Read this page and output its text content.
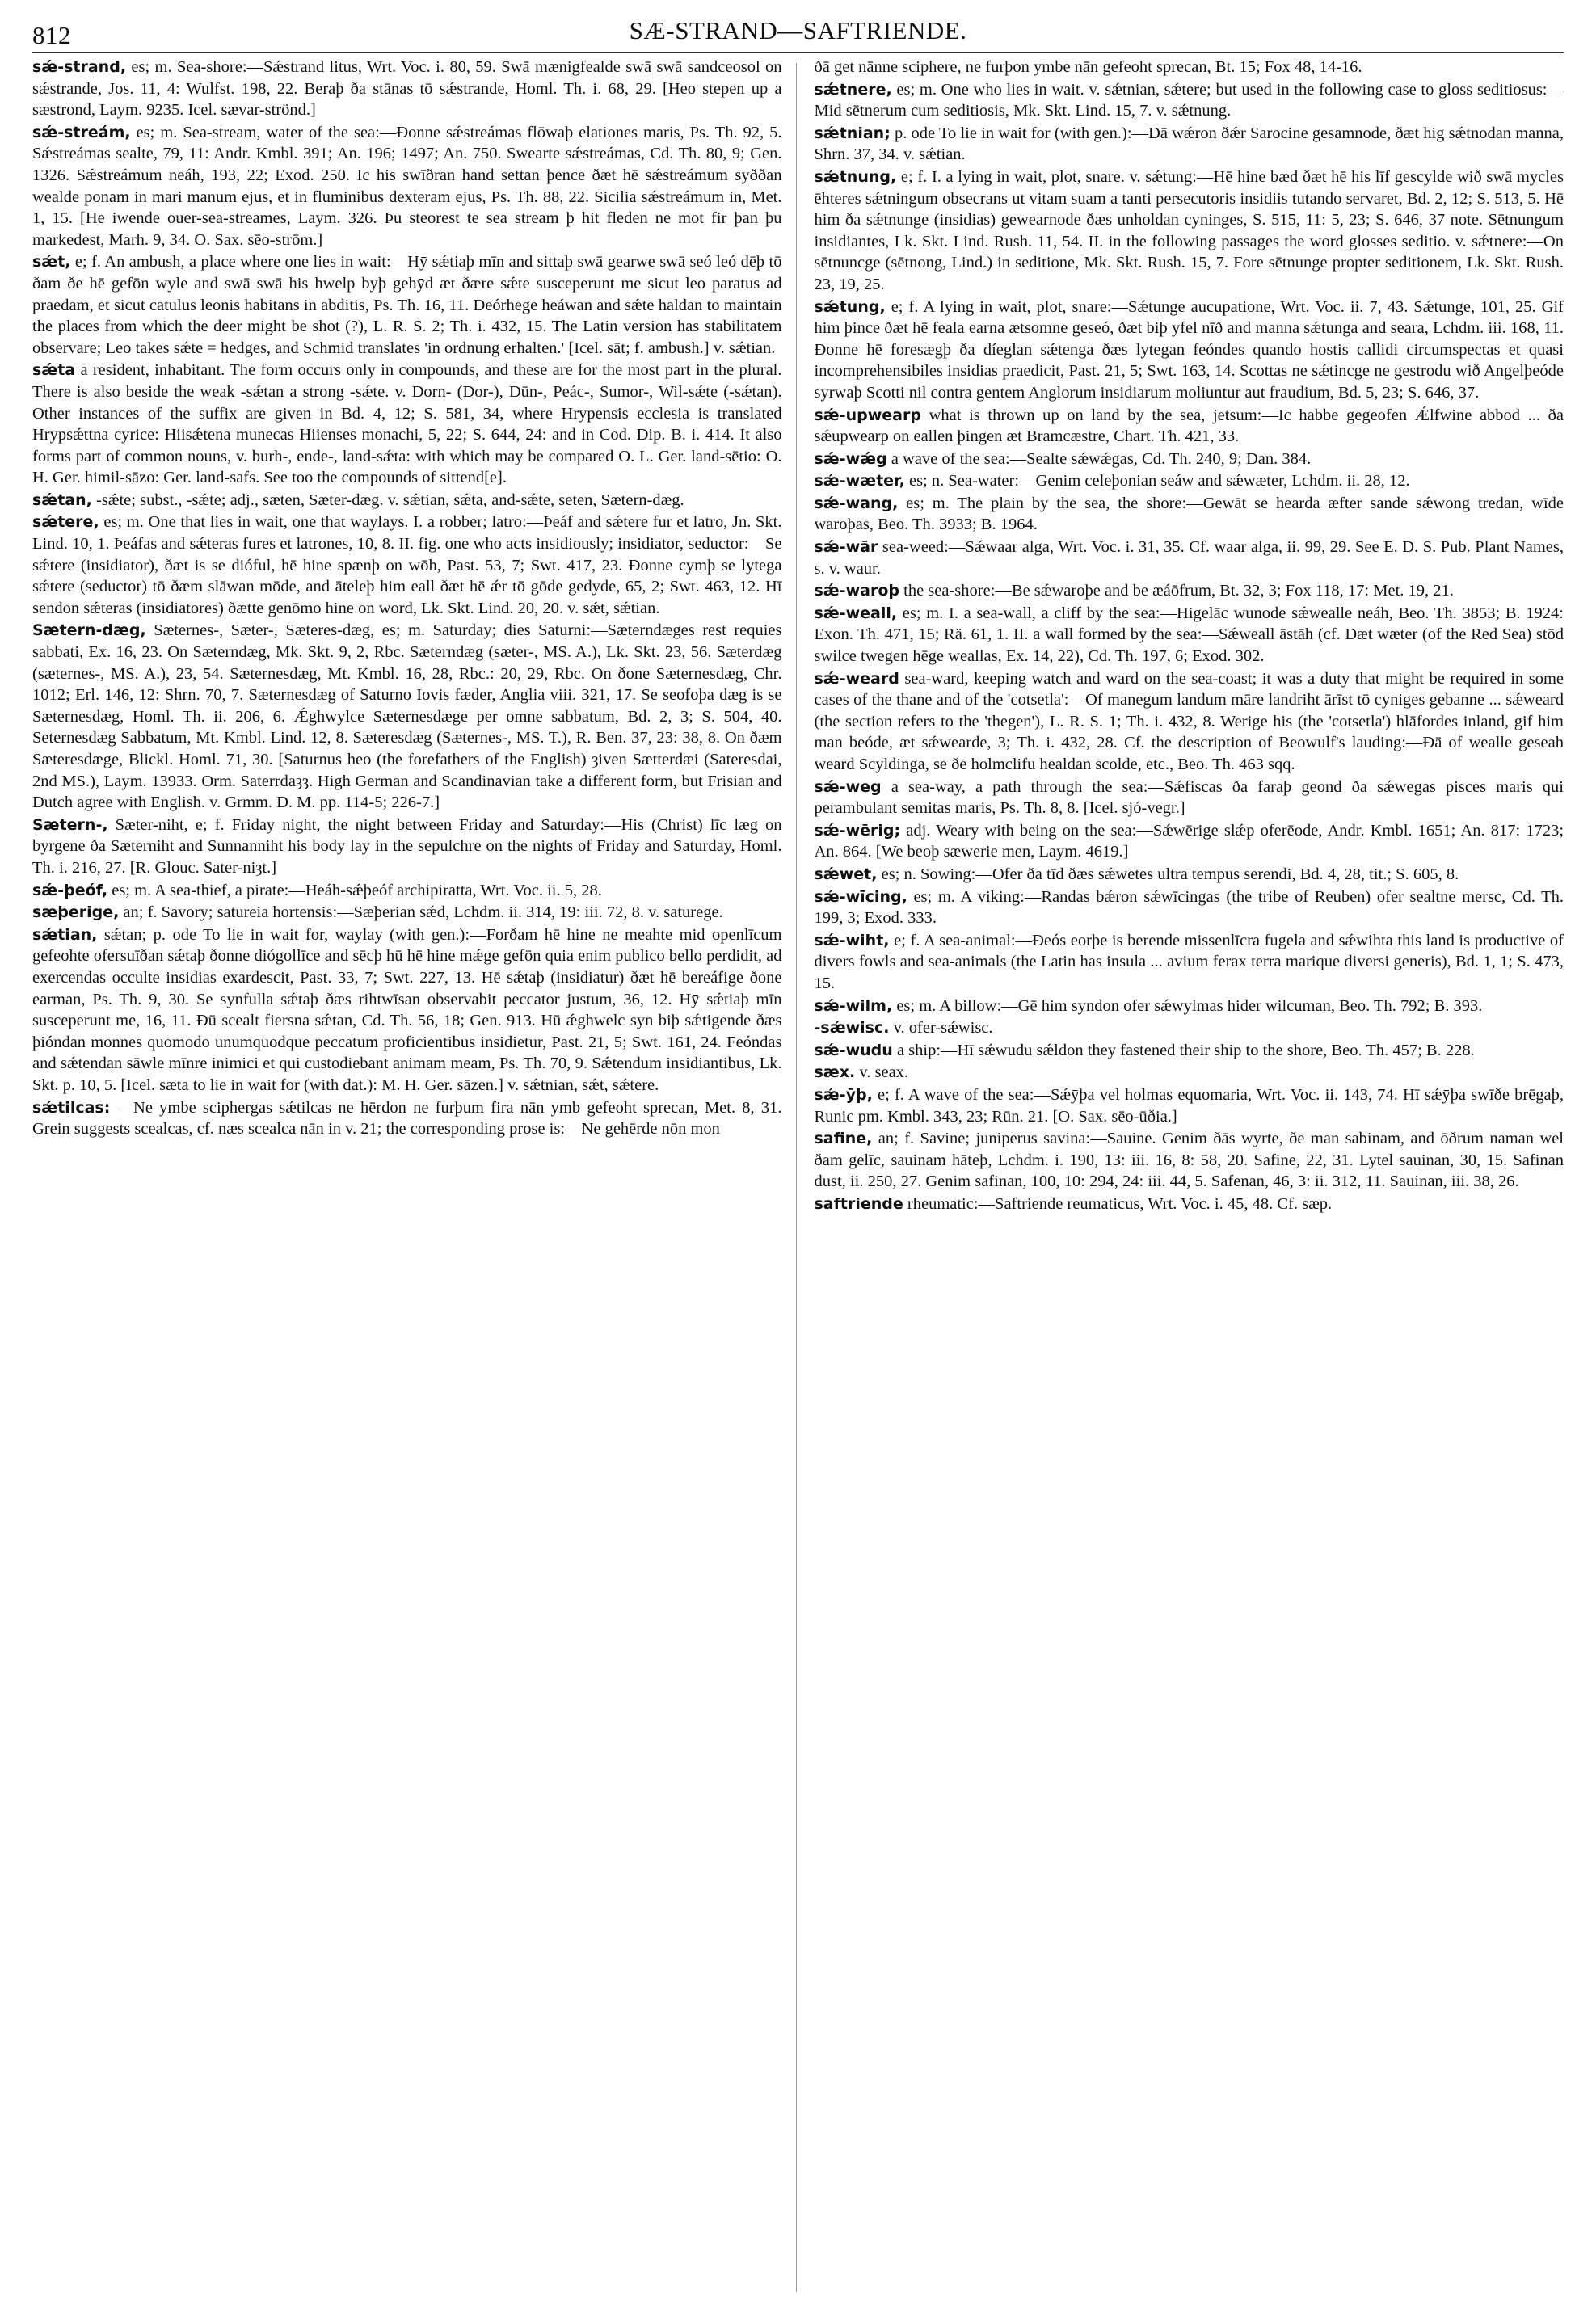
812	SÆ-STRAND—SAFTRIENDE.

sǽ-strand, es; m. Sea-shore:—Sǽstrand litus, Wrt. Voc. i. 80, 59. Swā mænigfealde swā swā sandceosol on sǽstrande, Jos. 11, 4: Wulfst. 198, 22. Beraþ ða stānas tō sǽstrande, Homl. Th. i. 68, 29. [Heo stepen up a sæstrond, Laym. 9235. Icel. sævar-strönd.]

sǽ-streám, es; m. Sea-stream, water of the sea:—Ðonne sǽstreámas flōwaþ elationes maris, Ps. Th. 92, 5. Sǽstreámas sealte, 79, 11: Andr. Kmbl. 391; An. 196; 1497; An. 750. Swearte sǽstreámas, Cd. Th. 80, 9; Gen. 1326. Sǽstreámum neáh, 193, 22; Exod. 250. Ic his swīðran hand settan þence ðæt hē sǽstreámum syððan wealde ponam in mari manum ejus, et in fluminibus dexteram ejus, Ps. Th. 88, 22. Sicilia sǽstreámum in, Met. 1, 15. [He iwende ouer-sea-streames, Laym. 326. Þu steorest te sea stream þ hit fleden ne mot fir þan þu markedest, Marh. 9, 34. O. Sax. sēo-strōm.]

sǽt, e; f. An ambush, a place where one lies in wait:—Hȳ sǽtiaþ mīn and sittaþ swā gearwe swā seó leó dēþ tō ðam ðe hē gefōn wyle and swā swā his hwelp byþ gehȳd æt ðære sǽte susceperunt me sicut leo paratus ad praedam, et sicut catulus leonis habitans in abditis, Ps. Th. 16, 11. Deórhege heáwan and sǽte haldan to maintain the places from which the deer might be shot (?), L. R. S. 2; Th. i. 432, 15. The Latin version has stabilitatem observare; Leo takes sǽte = hedges, and Schmid translates 'in ordnung erhalten.' [Icel. sāt; f. ambush.] v. sǽtian.

sǽta a resident, inhabitant. The form occurs only in compounds, and these are for the most part in the plural. There is also beside the weak -sǽtan a strong -sǽte. v. Dorn- (Dor-), Dūn-, Peác-, Sumor-, Wil-sǽte (-sǽtan). Other instances of the suffix are given in Bd. 4, 12; S. 581, 34, where Hrypensis ecclesia is translated Hrypsǽttna cyrice: Hiisǽtena munecas Hiienses monachi, 5, 22; S. 644, 24: and in Cod. Dip. B. i. 414. It also forms part of common nouns, v. burh-, ende-, land-sǽta: with which may be compared O. L. Ger. land-sētio: O. H. Ger. himil-sāzo: Ger. land-safs. See too the compounds of sittend[e].

sǽtan, -sǽte; subst., -sǽte; adj., sæten, Sæter-dæg. v. sǽtian, sǽta, and-sǽte, seten, Sætern-dæg.

sǽtere, es; m. One that lies in wait, one that waylays. I. a robber; latro:—Þeáf and sǽtere fur et latro, Jn. Skt. Lind. 10, 1. Þeáfas and sǽteras fures et latrones, 10, 8. II. fig. one who acts insidiously; insidiator, seductor:—Se sǽtere (insidiator), ðæt is se dióful, hē hine spænþ on wōh, Past. 53, 7; Swt. 417, 23. Ðonne cymþ se lytega sǽtere (seductor) tō ðæm slāwan mōde, and āteleþ him eall ðæt hē ǽr tō gōde gedyde, 65, 2; Swt. 463, 12. Hī sendon sǽteras (insidiatores) ðætte genōmo hine on word, Lk. Skt. Lind. 20, 20. v. sǽt, sǽtian.

Sætern-dæg, Sæternes-, Sæter-, Sæteres-dæg, es; m. Saturday; dies Saturni:—Sæterndæges rest requies sabbati, Ex. 16, 23. On Sæterndæg, Mk. Skt. 9, 2, Rbc. Sæterndæg (sæter-, MS. A.), Lk. Skt. 23, 56. Sæterdæg (sæternes-, MS. A.), 23, 54. Sæternesdæg, Mt. Kmbl. 16, 28, Rbc.: 20, 29, Rbc. On ðone Sæternesdæg, Chr. 1012; Erl. 146, 12: Shrn. 70, 7. Sæternesdæg of Saturno Iovis fæder, Anglia viii. 321, 17. Se seofoþa dæg is se Sæternesdæg, Homl. Th. ii. 206, 6. Ǽghwylce Sæternesdæge per omne sabbatum, Bd. 2, 3; S. 504, 40. Seternesdæg Sabbatum, Mt. Kmbl. Lind. 12, 8. Sæteresdæg (Sæternes-, MS. T.), R. Ben. 37, 23: 38, 8. On ðæm Sæteresdæge, Blickl. Homl. 71, 30. [Saturnus heo (the forefathers of the English) ȝiven Sætterdæi (Sateresdai, 2nd MS.), Laym. 13933. Orm. Saterrdaȝȝ. High German and Scandinavian take a different form, but Frisian and Dutch agree with English. v. Grmm. D. M. pp. 114-5; 226-7.]

Sætern-, Sæter-niht, e; f. Friday night, the night between Friday and Saturday:—His (Christ) līc læg on byrgene ða Sæterniht and Sunnanniht his body lay in the sepulchre on the nights of Friday and Saturday, Homl. Th. i. 216, 27. [R. Glouc. Sater-niȝt.]

sǽ-þeóf, es; m. A sea-thief, a pirate:—Heáh-sǽþeóf archipiratta, Wrt. Voc. ii. 5, 28.

sæþerige, an; f. Savory; satureia hortensis:—Sæþerian sǽd, Lchdm. ii. 314, 19: iii. 72, 8. v. saturege.

sǽtian, sǽtan; p. ode To lie in wait for, waylay (with gen.):—Forðam hē hine ne meahte mid openlīcum gefeohte ofersuīðan sǽtaþ ðonne diógollīce and sēcþ hū hē hine mǽge gefōn quia enim publico bello perdidit, ad exercendas occulte insidias exardescit, Past. 33, 7; Swt. 227, 13. Hē sǽtaþ (insidiatur) ðæt hē bereáfige ðone earman, Ps. Th. 9, 30. Se synfulla sǽtaþ ðæs rihtwīsan observabit peccator justum, 36, 12. Hȳ sǽtiaþ mīn susceperunt me, 16, 11. Ðū scealt fiersna sǽtan, Cd. Th. 56, 18; Gen. 913. Hū ǽghwelc syn biþ sǽtigende ðæs þióndan monnes quomodo unumquodque peccatum proficientibus insidietur, Past. 21, 5; Swt. 161, 24. Feóndas and sǽtendan sāwle mīnre inimici et qui custodiebant animam meam, Ps. Th. 70, 9. Sǽtendum insidiantibus, Lk. Skt. p. 10, 5. [Icel. sæta to lie in wait for (with dat.): M. H. Ger. sāzen.] v. sǽtnian, sǽt, sǽtere.

sǽtilcas: —Ne ymbe sciphergas sǽtilcas ne hērdon ne furþum fira nān ymb gefeoht sprecan, Met. 8, 31. Grein suggests scealcas, cf. næs scealca nān in v. 21; the corresponding prose is:—Ne gehērde nōn mon

ðā get nānne sciphere, ne furþon ymbe nān gefeoht sprecan, Bt. 15; Fox 48, 14-16.

sǽtnere, es; m. One who lies in wait. v. sǽtnian, sǽtere; but used in the following case to gloss seditiosus:—Mid sētnerum cum seditiosis, Mk. Skt. Lind. 15, 7. v. sǽtnung.

sǽtnian; p. ode To lie in wait for (with gen.):—Ðā wǽron ðǽr Sarocine gesamnode, ðæt hig sǽtnodan manna, Shrn. 37, 34. v. sǽtian.

sǽtnung, e; f. I. a lying in wait, plot, snare. v. sǽtung:—Hē hine bæd ðæt hē his līf gescylde wið swā mycles ēhteres sǽtningum obsecrans ut vitam suam a tanti persecutoris insidiis tutando servaret, Bd. 2, 12; S. 513, 5. Hē him ða sǽtnunge (insidias) gewearnode ðæs unholdan cyninges, S. 515, 11: 5, 23; S. 646, 37 note. Sētnungum insidiantes, Lk. Skt. Lind. Rush. 11, 54. II. in the following passages the word glosses seditio. v. sǽtnere:—On sētnuncge (sētnong, Lind.) in seditione, Mk. Skt. Rush. 15, 7. Fore sētnunge propter seditionem, Lk. Skt. Rush. 23, 19, 25.

sǽtung, e; f. A lying in wait, plot, snare:—Sǽtunge aucupatione, Wrt. Voc. ii. 7, 43. Sǽtunge, 101, 25. Gif him þince ðæt hē feala earna ætsomne geseó, ðæt biþ yfel nīð and manna sǽtunga and seara, Lchdm. iii. 168, 11. Ðonne hē foresægþ ða díeglan sǽtenga ðæs lytegan feóndes quando hostis callidi circumspectas et quasi incomprehensibiles insidias praedicit, Past. 21, 5; Swt. 163, 14. Scottas ne sǽtincge ne gestrodu wið Angelþeóde syrwaþ Scotti nil contra gentem Anglorum insidiarum moliuntur aut fraudium, Bd. 5, 23; S. 646, 37.

sǽ-upwearp what is thrown up on land by the sea, jetsum:—Ic habbe gegeofen Ǽlfwine abbod ... ða sǽupwearp on eallen þingen æt Bramcæstre, Chart. Th. 421, 33.

sǽ-wǽg a wave of the sea:—Sealte sǽwǽgas, Cd. Th. 240, 9; Dan. 384.

sǽ-wæter, es; n. Sea-water:—Genim celeþonian seáw and sǽwæter, Lchdm. ii. 28, 12.

sǽ-wang, es; m. The plain by the sea, the shore:—Gewāt se hearda æfter sande sǽwong tredan, wīde waroþas, Beo. Th. 3933; B. 1964.

sǽ-wār sea-weed:—Sǽwaar alga, Wrt. Voc. i. 31, 35. Cf. waar alga, ii. 99, 29. See E. D. S. Pub. Plant Names, s. v. waur.

sǽ-waroþ the sea-shore:—Be sǽwaroþe and be æáōfrum, Bt. 32, 3; Fox 118, 17: Met. 19, 21.

sǽ-weall, es; m. I. a sea-wall, a cliff by the sea:—Higelāc wunode sǽwealle neáh, Beo. Th. 3853; B. 1924: Exon. Th. 471, 15; Rä. 61, 1. II. a wall formed by the sea:—Sǽweall āstāh (cf. Ðæt wæter (of the Red Sea) stōd swilce twegen hēge weallas, Ex. 14, 22), Cd. Th. 197, 6; Exod. 302.

sǽ-weard sea-ward, keeping watch and ward on the sea-coast; it was a duty that might be required in some cases of the thane and of the 'cotsetla':—Of manegum landum māre landriht ārīst tō cyniges gebanne ... sǽweard (the section refers to the 'thegen'), L. R. S. 1; Th. i. 432, 8. Werige his (the 'cotsetla') hlāfordes inland, gif him man beóde, æt sǽwearde, 3; Th. i. 432, 28. Cf. the description of Beowulf's lauding:—Ðā of wealle geseah weard Scyldinga, se ðe holmclifu healdan scolde, etc., Beo. Th. 463 sqq.

sǽ-weg a sea-way, a path through the sea:—Sǽfiscas ða faraþ geond ða sǽwegas pisces maris qui perambulant semitas maris, Ps. Th. 8, 8. [Icel. sjó-vegr.]

sǽ-wērig; adj. Weary with being on the sea:—Sǽwērige slǽp oferēode, Andr. Kmbl. 1651; An. 817: 1723; An. 864. [We beoþ sæwerie men, Laym. 4619.]

sǽwet, es; n. Sowing:—Ofer ða tīd ðæs sǽwetes ultra tempus serendi, Bd. 4, 28, tit.; S. 605, 8.

sǽ-wīcing, es; m. A viking:—Randas bǽron sǽwīcingas (the tribe of Reuben) ofer sealtne mersc, Cd. Th. 199, 3; Exod. 333.

sǽ-wiht, e; f. A sea-animal:—Ðeós eorþe is berende missenlīcra fugela and sǽwihta this land is productive of divers fowls and sea-animals (the Latin has insula ... avium ferax terra marique diversi generis), Bd. 1, 1; S. 473, 15.

sǽ-wilm, es; m. A billow:—Gē him syndon ofer sǽwylmas hider wilcuman, Beo. Th. 792; B. 393.

-sǽwisc. v. ofer-sǽwisc.

sǽ-wudu a ship:—Hī sǽwudu sǽldon they fastened their ship to the shore, Beo. Th. 457; B. 228.

sæx. v. seax.

sǽ-ȳþ, e; f. A wave of the sea:—Sǽȳþa vel holmas equomaria, Wrt. Voc. ii. 143, 74. Hī sǽȳþa swīðe brēgaþ, Runic pm. Kmbl. 343, 23; Rūn. 21. [O. Sax. sēo-ūðia.]

safine, an; f. Savine; juniperus savina:—Sauine. Genim ðās wyrte, ðe man sabinam, and ōðrum naman wel ðam gelīc, sauinam hāteþ, Lchdm. i. 190, 13: iii. 16, 8: 58, 20. Safine, 22, 31. Lytel sauinan, 30, 15. Safinan dust, ii. 250, 27. Genim safinan, 100, 10: 294, 24: iii. 44, 5. Safenan, 46, 3: ii. 312, 11. Sauinan, iii. 38, 26.

saftriende rheumatic:—Saftriende reumaticus, Wrt. Voc. i. 45, 48. Cf. sæp.
